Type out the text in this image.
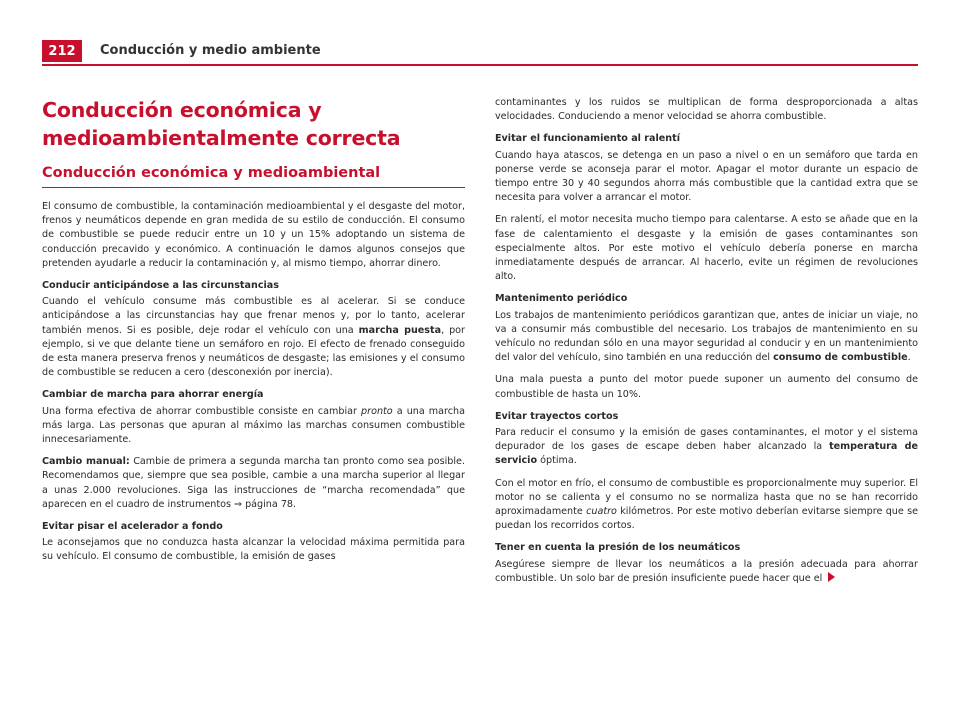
212	Conducción y medio ambiente
Conducción económica y
medioambientalmente correcta
Conducción económica y medioambiental

El consumo de combustible, la contaminación medioambiental y el desgaste del motor, frenos y neumáticos depende en gran medida de su estilo de conducción. El consumo de combustible se puede reducir entre un 10 y un 15% adoptando un sistema de conducción precavido y económico. A continuación le damos algunos consejos que pretenden ayudarle a reducir la contaminación y, al mismo tiempo, ahorrar dinero.

Conducir anticipándose a las circunstancias

Cuando el vehículo consume más combustible es al acelerar. Si se conduce anticipándose a las circunstancias hay que frenar menos y, por lo tanto, acelerar también menos. Si es posible, deje rodar el vehículo con una marcha puesta, por ejemplo, si ve que delante tiene un semáforo en rojo. El efecto de frenado conseguido de esta manera preserva frenos y neumáticos de desgaste; las emisiones y el consumo de combustible se reducen a cero (desconexión por inercia).

Cambiar de marcha para ahorrar energía

Una forma efectiva de ahorrar combustible consiste en cambiar pronto a una marcha más larga. Las personas que apuran al máximo las marchas consumen combustible innecesariamente.

Cambio manual: Cambie de primera a segunda marcha tan pronto como sea posible. Recomendamos que, siempre que sea posible, cambie a una marcha superior al llegar a unas 2.000 revoluciones. Siga las instrucciones de “marcha recomendada” que aparecen en el cuadro de instrumentos ⇒ página 78.

Evitar pisar el acelerador a fondo

Le aconsejamos que no conduzca hasta alcanzar la velocidad máxima permitida para su vehículo. El consumo de combustible, la emisión de gases

contaminantes y los ruidos se multiplican de forma desproporcionada a altas velocidades. Conduciendo a menor velocidad se ahorra combustible.

Evitar el funcionamiento al ralentí

Cuando haya atascos, se detenga en un paso a nivel o en un semáforo que tarda en ponerse verde se aconseja parar el motor. Apagar el motor durante un espacio de tiempo entre 30 y 40 segundos ahorra más combustible que la cantidad extra que se necesita para volver a arrancar el motor.

En ralentí, el motor necesita mucho tiempo para calentarse. A esto se añade que en la fase de calentamiento el desgaste y la emisión de gases contaminantes son especialmente altos. Por este motivo el vehículo debería ponerse en marcha inmediatamente después de arrancar. Al hacerlo, evite un régimen de revoluciones alto.

Mantenimento periódico

Los trabajos de mantenimiento periódicos garantizan que, antes de iniciar un viaje, no va a consumir más combustible del necesario. Los trabajos de mantenimiento en su vehículo no redundan sólo en una mayor seguridad al conducir y en un mantenimiento del valor del vehículo, sino también en una reducción del consumo de combustible.

Una mala puesta a punto del motor puede suponer un aumento del consumo de combustible de hasta un 10%.

Evitar trayectos cortos

Para reducir el consumo y la emisión de gases contaminantes, el motor y el sistema depurador de los gases de escape deben haber alcanzado la temperatura de servicio óptima.

Con el motor en frío, el consumo de combustible es proporcionalmente muy superior. El motor no se calienta y el consumo no se normaliza hasta que no se han recorrido aproximadamente cuatro kilómetros. Por este motivo deberían evitarse siempre que se puedan los recorridos cortos.

Tener en cuenta la presión de los neumáticos

Asegúrese siempre de llevar los neumáticos a la presión adecuada para ahorrar combustible. Un solo bar de presión insuficiente puede hacer que el
